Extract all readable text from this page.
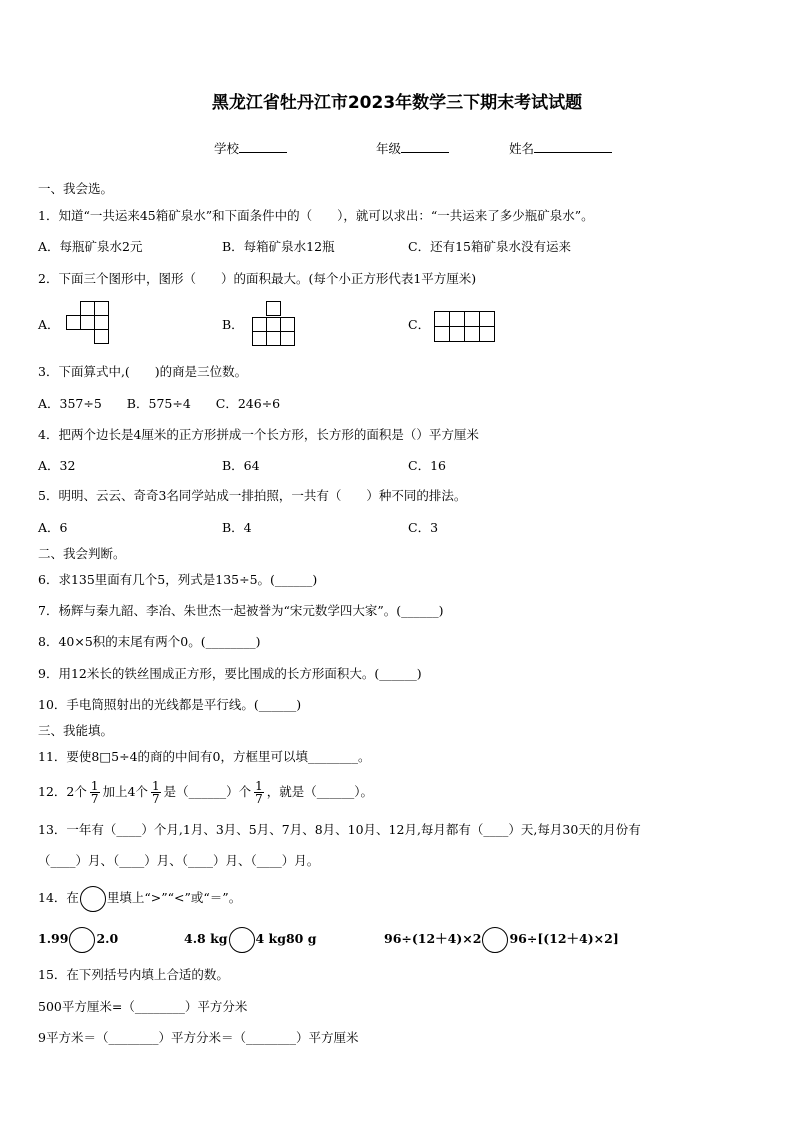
黑龙江省牡丹江市2023年数学三下期末考试试题
学校	年级	姓名
一、我会选。
1．知道“一共运来45箱矿泉水”和下面条件中的（　　），就可以求出：“一共运来了多少瓶矿泉水”。
A．每瓶矿泉水2元	B．每箱矿泉水12瓶	C．还有15箱矿泉水没有运来
2．下面三个图形中，图形（　　）的面积最大。(每个小正方形代表1平方厘米)
A．	B．	C．
3．下面算式中,(　　)的商是三位数。
A．357÷5　　B．575÷4　　C．246÷6
4．把两个边长是4厘米的正方形拼成一个长方形，长方形的面积是（）平方厘米
A．32	B．64	C．16
5．明明、云云、奇奇3名同学站成一排拍照，一共有（　　）种不同的排法。
A．6	B．4	C．3
二、我会判断。
6．求135里面有几个5，列式是135÷5。(______)
7．杨辉与秦九韶、李冶、朱世杰一起被誉为“宋元数学四大家”。(______)
8．40×5积的末尾有两个0。(________)
9．用12米长的铁丝围成正方形，要比围成的长方形面积大。(______)
10．手电筒照射出的光线都是平行线。(______)
三、我能填。
11．要使8□5÷4的商的中间有0，方框里可以填________。
12．2个 $\frac{1}{7}$ 加上4个 $\frac{1}{7}$ 是（______）个 $\frac{1}{7}$ ，就是（______）。
13．一年有（____）个月,1月、3月、5月、7月、8月、10月、12月,每月都有（____）天,每月30天的月份有
（____）月、（____）月、（____）月、（____）月。
14．在 里填上“>”“<”或“＝”。
1.99 2.0	4.8 kg 4 kg80 g	96÷(12＋4)×2 96÷[(12＋4)×2]
15．在下列括号内填上合适的数。
500平方厘米=（________）平方分米
9平方米＝（________）平方分米＝（________）平方厘米
